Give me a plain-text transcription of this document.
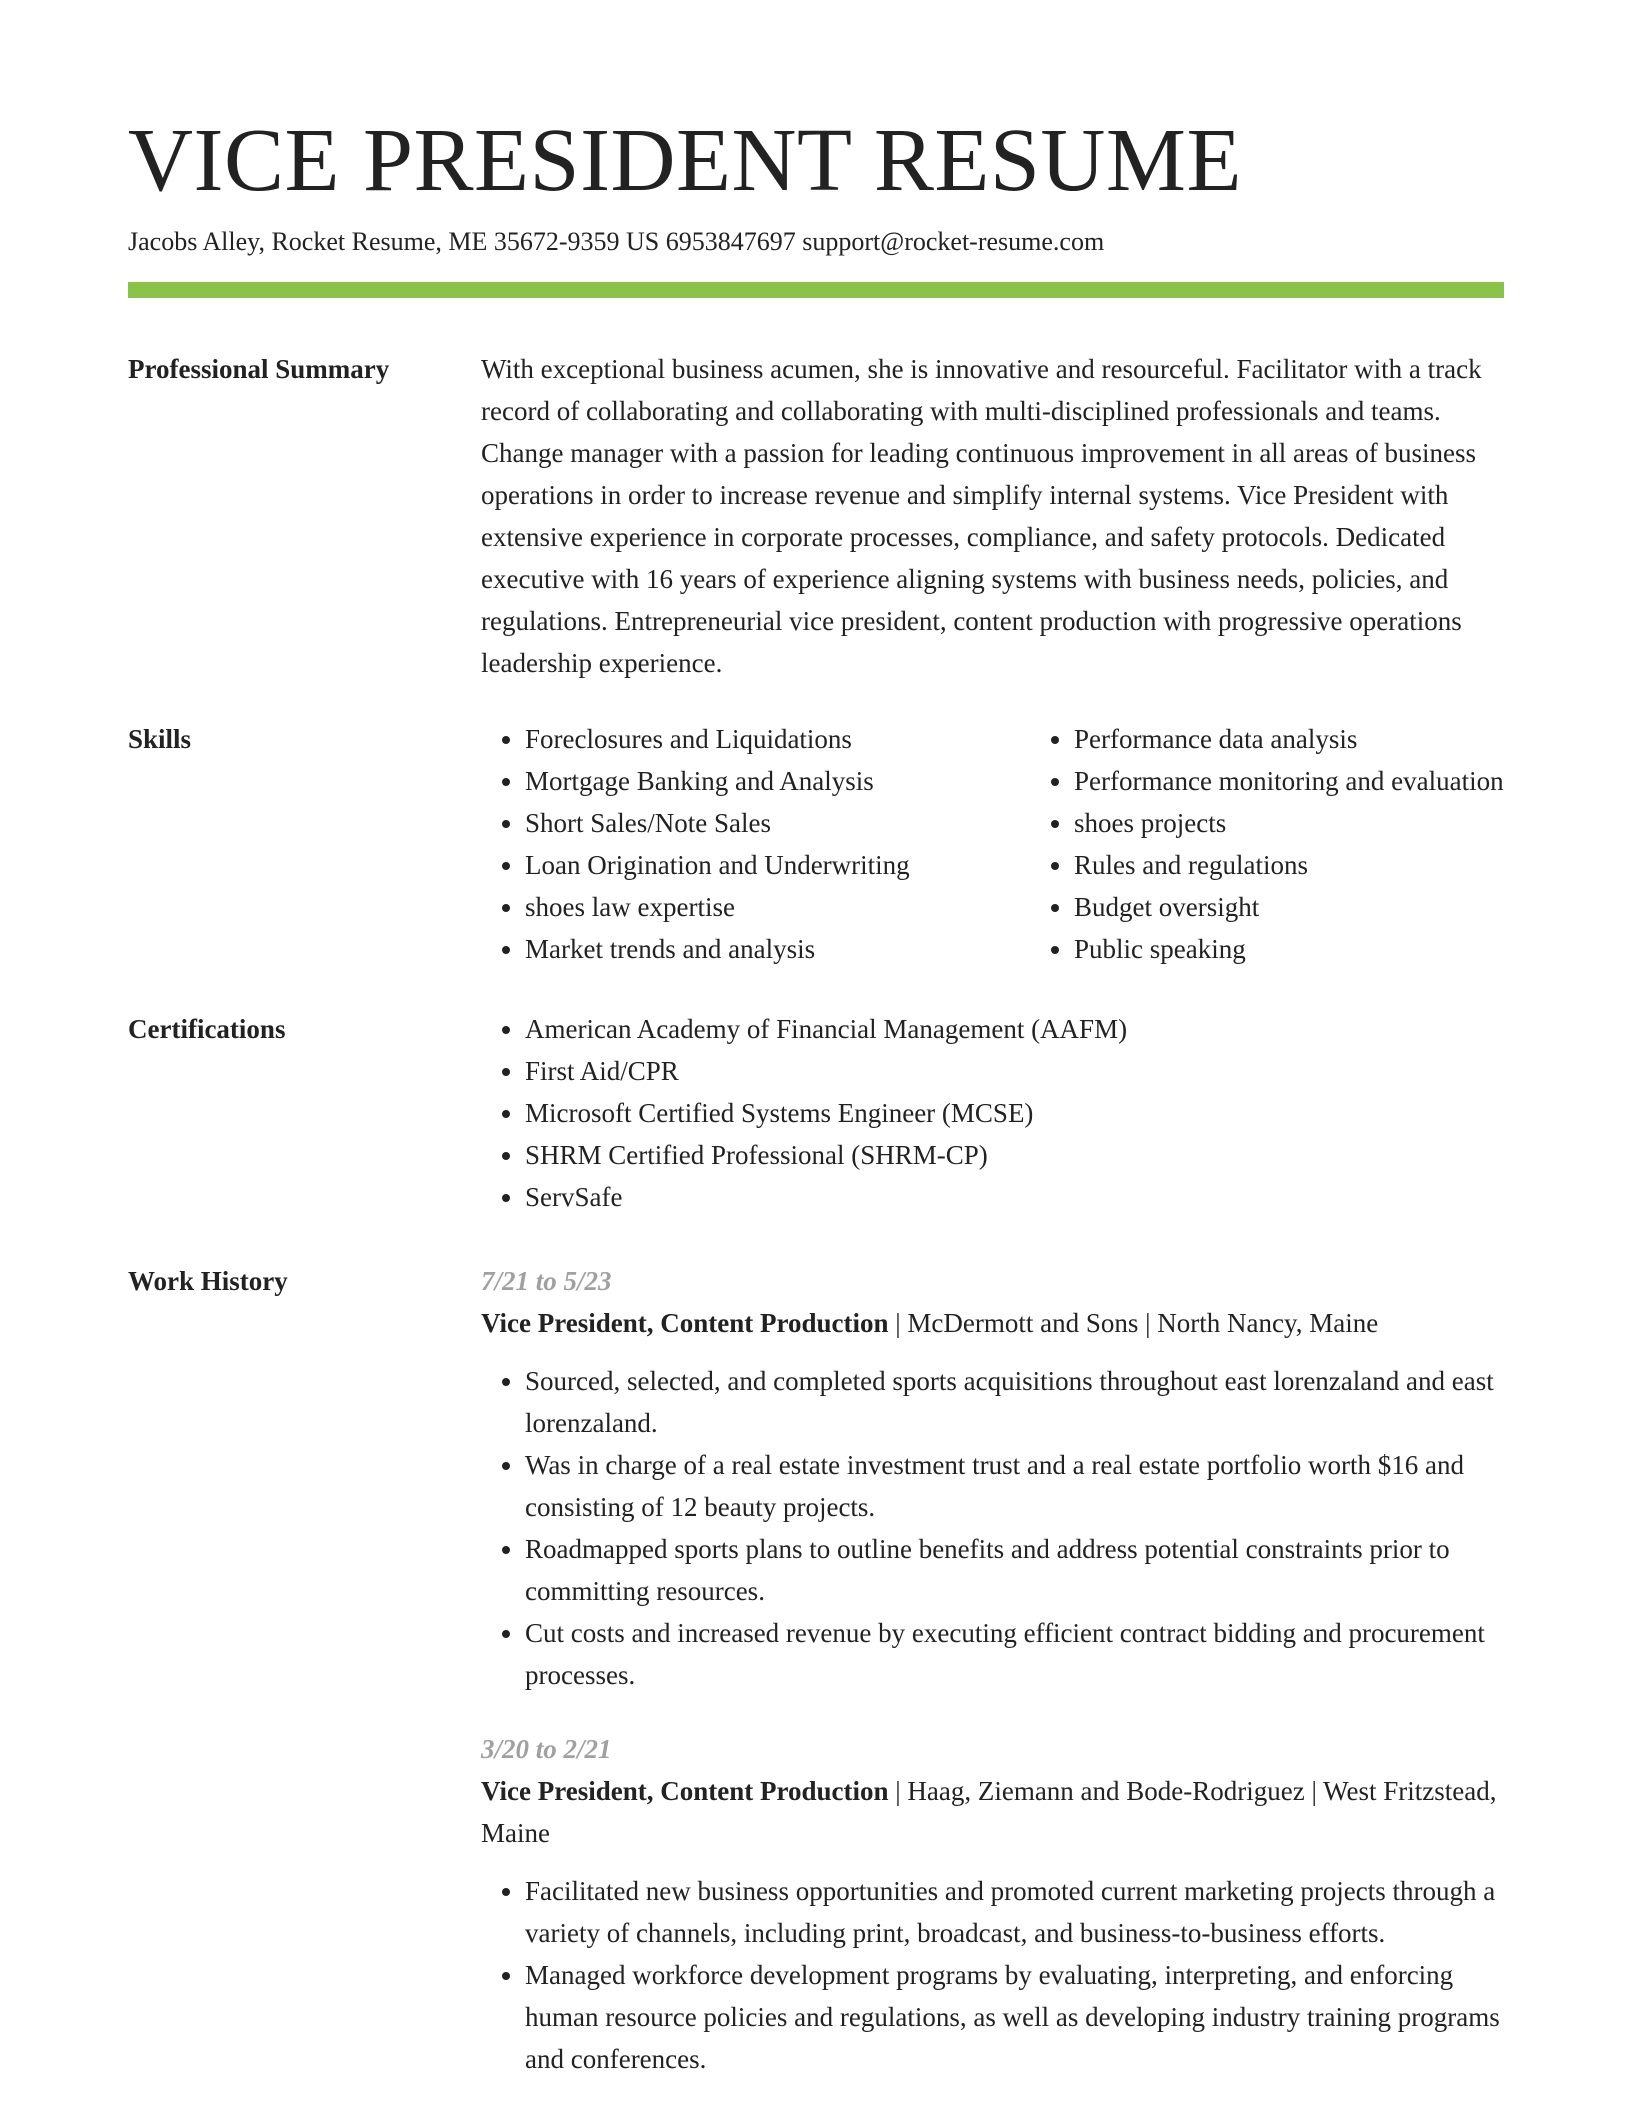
VICE PRESIDENT RESUME
Jacobs Alley, Rocket Resume, ME 35672-9359 US 6953847697 support@rocket-resume.com
Professional Summary	With exceptional business acumen, she is innovative and resourceful. Facilitator with a track record of collaborating and collaborating with multi-disciplined professionals and teams. Change manager with a passion for leading continuous improvement in all areas of business operations in order to increase revenue and simplify internal systems. Vice President with extensive experience in corporate processes, compliance, and safety protocols. Dedicated executive with 16 years of experience aligning systems with business needs, policies, and regulations. Entrepreneurial vice president, content production with progressive operations leadership experience.

Skills	• Foreclosures and Liquidations
• Mortgage Banking and Analysis
• Short Sales/Note Sales
• Loan Origination and Underwriting
• shoes law expertise
• Market trends and analysis
• Performance data analysis
• Performance monitoring and evaluation
• shoes projects
• Rules and regulations
• Budget oversight
• Public speaking
Certifications	• American Academy of Financial Management (AAFM)
• First Aid/CPR
• Microsoft Certified Systems Engineer (MCSE)
• SHRM Certified Professional (SHRM-CP)
• ServSafe
Work History	7/21 to 5/23
Vice President, Content Production | McDermott and Sons | North Nancy, Maine
• Sourced, selected, and completed sports acquisitions throughout east lorenzaland and east lorenzaland.
• Was in charge of a real estate investment trust and a real estate portfolio worth $16 and consisting of 12 beauty projects.
• Roadmapped sports plans to outline benefits and address potential constraints prior to committing resources.
• Cut costs and increased revenue by executing efficient contract bidding and procurement processes.
3/20 to 2/21
Vice President, Content Production | Haag, Ziemann and Bode-Rodriguez | West Fritzstead, Maine
• Facilitated new business opportunities and promoted current marketing projects through a variety of channels, including print, broadcast, and business-to-business efforts.
• Managed workforce development programs by evaluating, interpreting, and enforcing human resource policies and regulations, as well as developing industry training programs and conferences.
